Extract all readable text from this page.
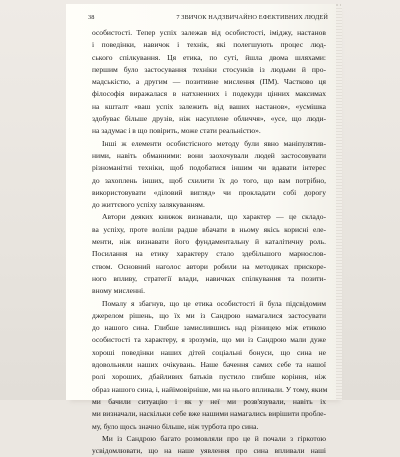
38	7 ЗВИЧОК НАДЗВИЧАЙНО ЕФЕКТИВНИХ ЛЮДЕЙ
особистості. Тепер успіх залежав від особистості, іміджу, настанов
і поведінки, навичок і технік, які полегшують процес люд-
ського спілкування. Ця етика, по суті, йшла двома шляхами:
першим було застосування техніки стосунків із людьми й про-
мадськістю, а другим — позитивне мислення (ПМ). Частково ця
філософія виражалася в натхненних і подекуди цінних максимах
на кшталт «ваш успіх залежить від ваших настанов», «усмішка
здобуває більше друзів, ніж насуплене обличчя», «усе, що люди-
на задумає і в що повірить, може стати реальністю».
Інші ж елементи особистісного методу були явно маніпулятив-
ними, навіть обманними: вони заохочували людей застосовувати
різноманітні техніки, щоб подобатися іншим чи вдавати інтерес
до захоплень інших, щоб схилити їх до того, що вам потрібно,
використовувати «діловий вигляд» чи прокладати собі дорогу
до життєвого успіху залякуванням.
Автори деяких книжок визнавали, що характер — це складо-
ва успіху, проте воліли радше вбачати в ньому якісь корисні еле-
менти, ніж визнавати його фундаментальну й каталітичну роль.
Посилання на етику характеру стало здебільшого марнослов-
ством. Основний наголос автори робили на методиках прискоре-
ного впливу, стратегії влади, навичках спілкування та позити-
вному мисленні.
Помалу я збагнув, що це етика особистості й була підсвідомим
джерелом рішень, що їх ми із Сандрою намагалися застосувати
до нашого сина. Глибше замислившись над різницею між етикою
особистості та характеру, я зрозумів, що ми із Сандрою мали дуже
хороші поведінки наших дітей соціальні бонуси, що сина не
вдовольняли наших очікувань. Наше бачення самих себе та нашої
ролі хороших, дбайливих батьків пустило глибше коріння, ніж
образ нашого сина, і, найімовірніше, ми на нього впливали. У тому, яким
ми бачили ситуацію і як у неї ми розв'язували, навіть іх
ми визначали, наскільки себе вже нашими намагались вирішити пробле-
му, було щось значно більше, ніж турбота про сина.
Ми із Сандрою багато розмовляли про це й почали з гіркотою
усвідомлювати, що на наше уявлення про сина впливали наші
